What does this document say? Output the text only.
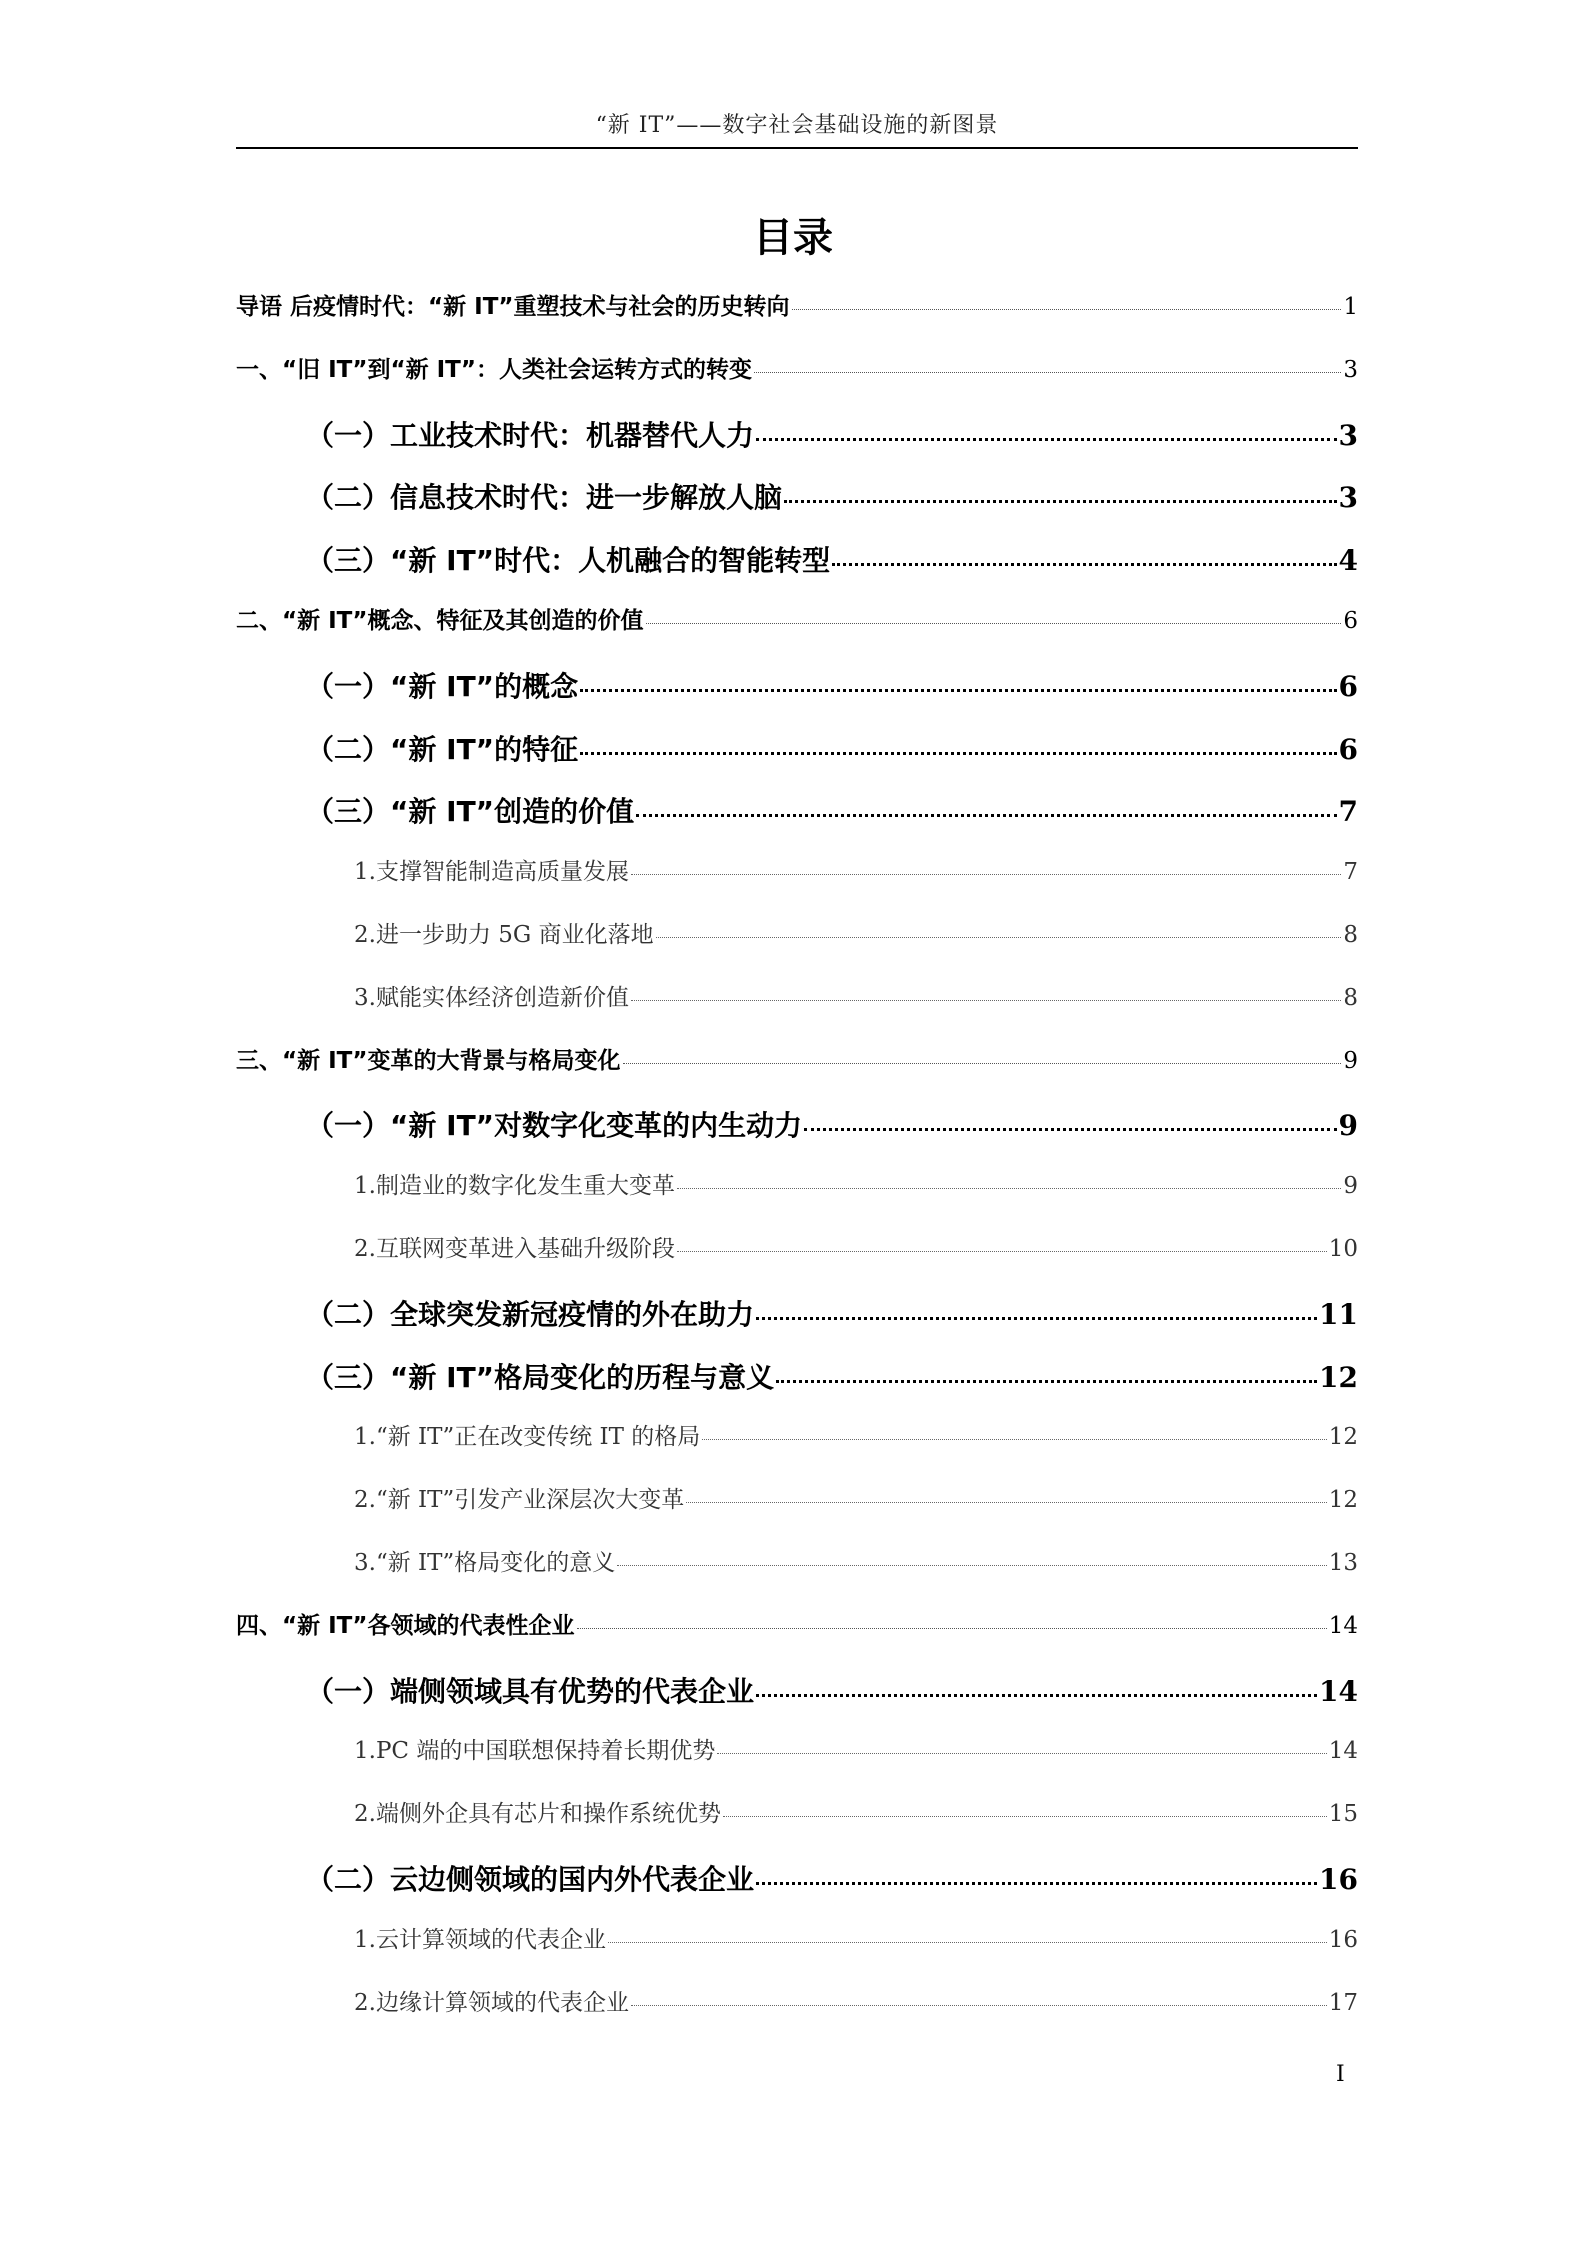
“新 IT”——数字社会基础设施的新图景
目录
导语 后疫情时代：“新 IT”重塑技术与社会的历史转向	1
一、“旧 IT”到“新 IT”：人类社会运转方式的转变	3
（一）工业技术时代：机器替代人力	3
（二）信息技术时代：进一步解放人脑	3
（三）“新 IT”时代：人机融合的智能转型	4
二、“新 IT”概念、特征及其创造的价值	6
（一）“新 IT”的概念	6
（二）“新 IT”的特征	6
（三）“新 IT”创造的价值	7
1.支撑智能制造高质量发展	7
2.进一步助力 5G 商业化落地	8
3.赋能实体经济创造新价值	8
三、“新 IT”变革的大背景与格局变化	9
（一）“新 IT”对数字化变革的内生动力	9
1.制造业的数字化发生重大变革	9
2.互联网变革进入基础升级阶段	10
（二）全球突发新冠疫情的外在助力	11
（三）“新 IT”格局变化的历程与意义	12
1.“新 IT”正在改变传统 IT 的格局	12
2.“新 IT”引发产业深层次大变革	12
3.“新 IT”格局变化的意义	13
四、“新 IT”各领域的代表性企业	14
（一）端侧领域具有优势的代表企业	14
1.PC 端的中国联想保持着长期优势	14
2.端侧外企具有芯片和操作系统优势	15
（二）云边侧领域的国内外代表企业	16
1.云计算领域的代表企业	16
2.边缘计算领域的代表企业	17
I
